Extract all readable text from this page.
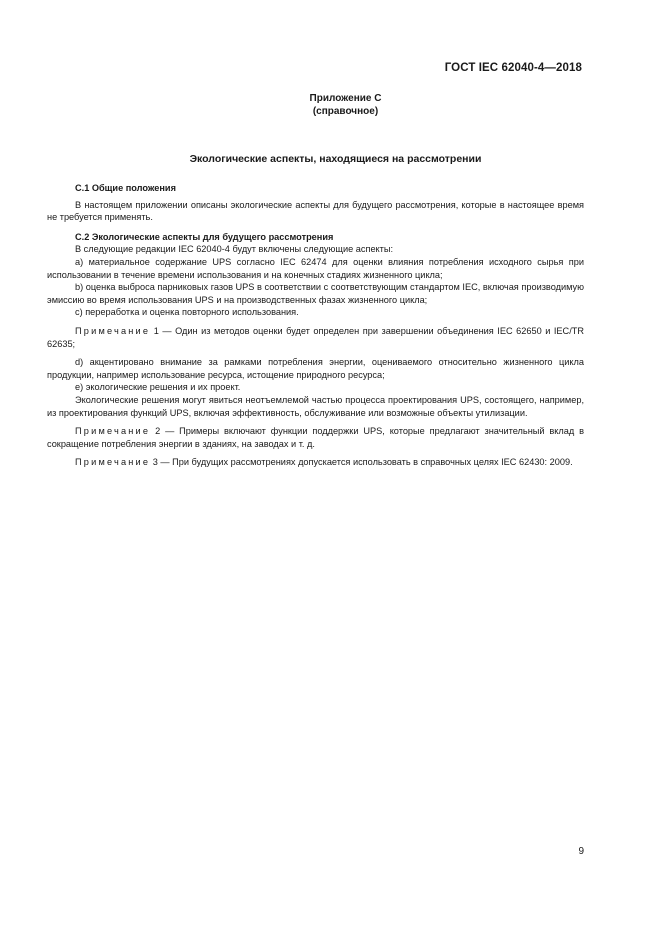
ГОСТ IEC 62040-4—2018
Приложение С
(справочное)
Экологические аспекты, находящиеся на рассмотрении

С.1 Общие положения

В настоящем приложении описаны экологические аспекты для будущего рассмотрения, которые в настоящее время не требуется применять.

С.2 Экологические аспекты для будущего рассмотрения

В следующие редакции IEC 62040-4 будут включены следующие аспекты:

a) материальное содержание UPS согласно IEC 62474 для оценки влияния потребления исходного сырья при использовании в течение времени использования и на конечных стадиях жизненного цикла;

b) оценка выброса парниковых газов UPS в соответствии с соответствующим стандартом IEC, включая производимую эмиссию во время использования UPS и на производственных фазах жизненного цикла;

c) переработка и оценка повторного использования.

Примечание 1 — Один из методов оценки будет определен при завершении объединения IEC 62650 и IEC/TR 62635;

d) акцентировано внимание за рамками потребления энергии, оцениваемого относительно жизненного цикла продукции, например использование ресурса, истощение природного ресурса;

e) экологические решения и их проект.

Экологические решения могут явиться неотъемлемой частью процесса проектирования UPS, состоящего, например, из проектирования функций UPS, включая эффективность, обслуживание или возможные объекты утилизации.

Примечание 2 — Примеры включают функции поддержки UPS, которые предлагают значительный вклад в сокращение потребления энергии в зданиях, на заводах и т. д.

Примечание 3 — При будущих рассмотрениях допускается использовать в справочных целях IEC 62430: 2009.

9
